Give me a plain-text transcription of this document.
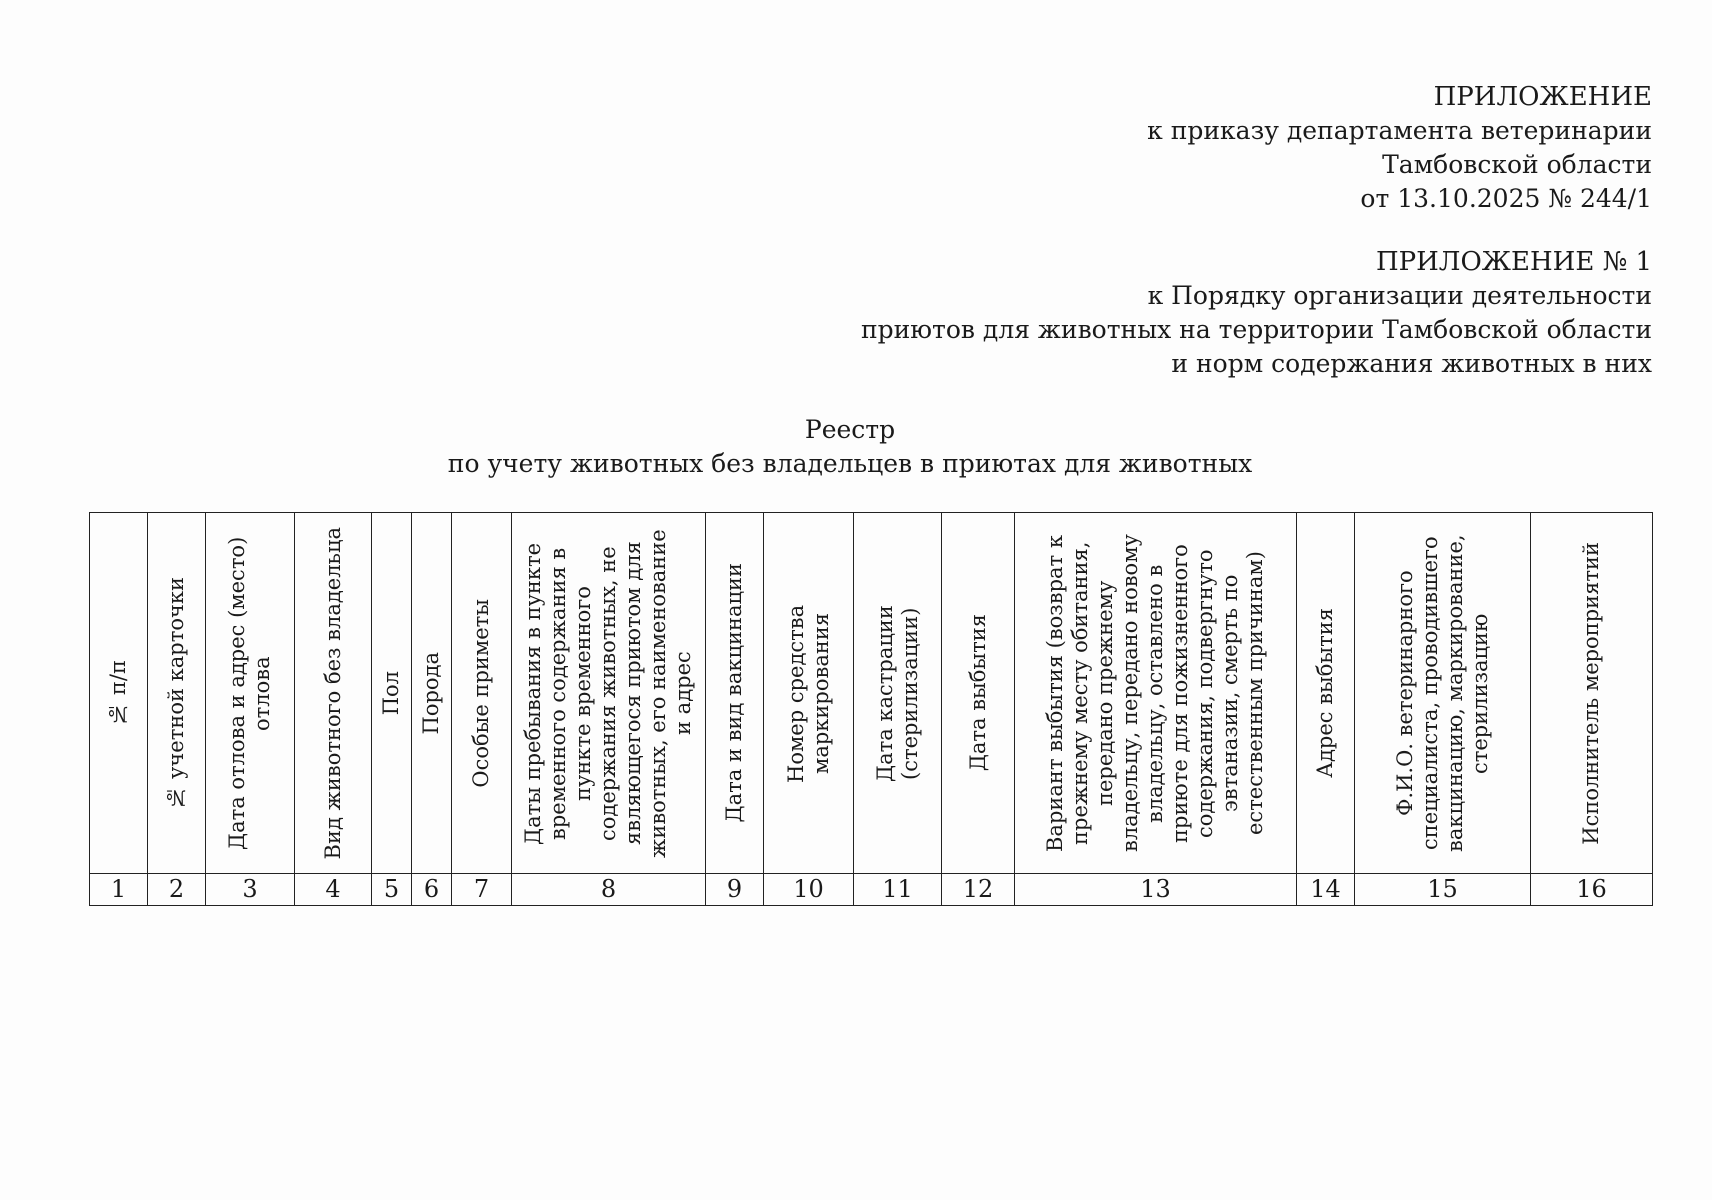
ПРИЛОЖЕНИЕ
к приказу департамента ветеринарии
Тамбовской области
от 13.10.2025 № 244/1
ПРИЛОЖЕНИЕ № 1
к Порядку организации деятельности
приютов для животных на территории Тамбовской области
и норм содержания животных в них
Реестр
по учету животных без владельцев в приютах для животных
№ п/п	№ учетной карточки	Дата отлова и адрес (место) отлова	Вид животного без владельца	Пол	Порода	Особые приметы	Даты пребывания в пункте временного содержания в пункте временного содержания животных, не являющегося приютом для животных, его наименование и адрес	Дата и вид вакцинации	Номер средства маркирования	Дата кастрации (стерилизации)	Дата выбытия	Вариант выбытия (возврат к прежнему месту обитания, передано прежнему владельцу, передано новому владельцу, оставлено в приюте для пожизненного содержания, подвергнуто эвтаназии, смерть по естественным причинам)	Адрес выбытия	Ф.И.О. ветеринарного специалиста, проводившего вакцинацию, маркирование, стерилизацию	Исполнитель мероприятий

1	2	3	4	5	6	7	8	9	10	11	12	13	14	15	16
